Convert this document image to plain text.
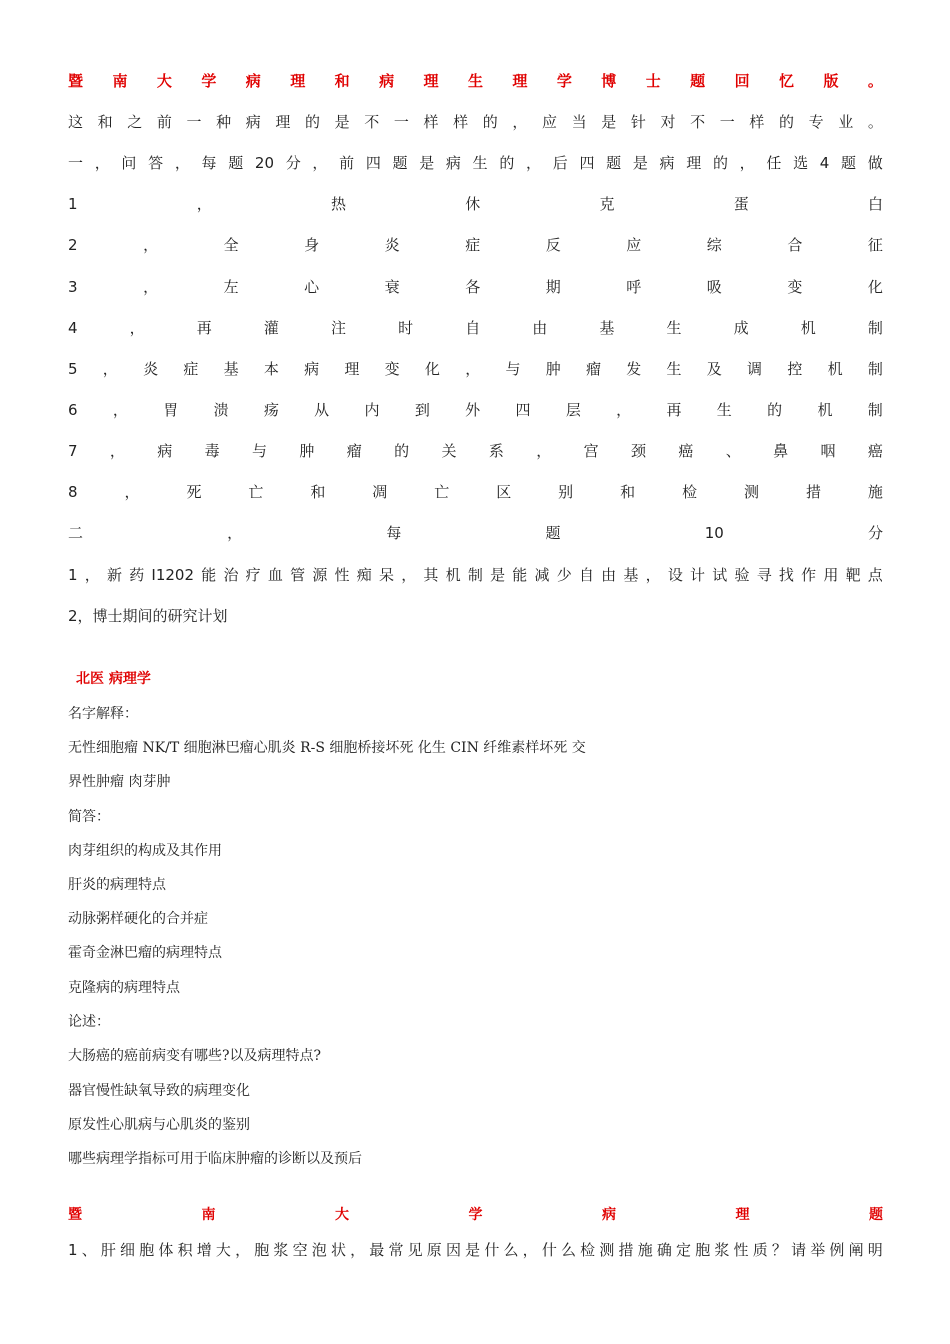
暨 南 大 学 病 理 和 病 理 生 理 学 博 士 题 回 忆 版 。
这 和 之 前 一 种 病 理 的 是 不 一 样 样 的 ， 应 当 是 针 对 不 一 样 的 专 业 。
一 ， 问 答 ， 每 题 20 分 ， 前 四 题 是 病 生 的 ， 后 四 题 是 病 理 的 ， 任 选 4 题 做
1	，	热	休	克	蛋	白
2	，	全	身	炎	症	反	应	综	合	征
3	，	左	心	衰	各	期	呼	吸	变	化
4	，	再	灌	注	时	自	由	基	生	成	机	制
5 ， 炎 症 基 本 病 理 变 化 ， 与 肿 瘤 发 生 及 调 控 机 制
6 ， 胃 溃 疡 从 内 到 外 四 层 ， 再 生 的 机 制
7 ， 病 毒 与 肿 瘤 的 关 系 ， 宫 颈 癌 、 鼻 咽 癌
8	，	死	亡	和	凋	亡	区	别	和	检	测	措	施
二	，	每	题	10	分
1 ， 新 药 I1202 能 治 疗 血 管 源 性 痴 呆 ， 其 机 制 是 能 减 少 自 由 基 ， 设 计 试 验 寻 找 作 用 靶 点
2，博士期间的研究计划
北医 病理学
名字解释：
无性细胞瘤 NK/T 细胞淋巴瘤心肌炎 R-S 细胞桥接坏死 化生 CIN 纤维素样坏死 交
界性肿瘤 肉芽肿
简答：
肉芽组织的构成及其作用
肝炎的病理特点
动脉粥样硬化的合并症
霍奇金淋巴瘤的病理特点
克隆病的病理特点
论述：
大肠癌的癌前病变有哪些?以及病理特点?
器官慢性缺氧导致的病理变化
原发性心肌病与心肌炎的鉴别
哪些病理学指标可用于临床肿瘤的诊断以及预后
暨	南	大	学	病	理	题
1 、 肝 细 胞 体 积 增 大 ， 胞 浆 空 泡 状 ， 最 常 见 原 因 是 什 么 ， 什 么 检 测 措 施 确 定 胞 浆 性 质 ？ 请 举 例 阐 明
